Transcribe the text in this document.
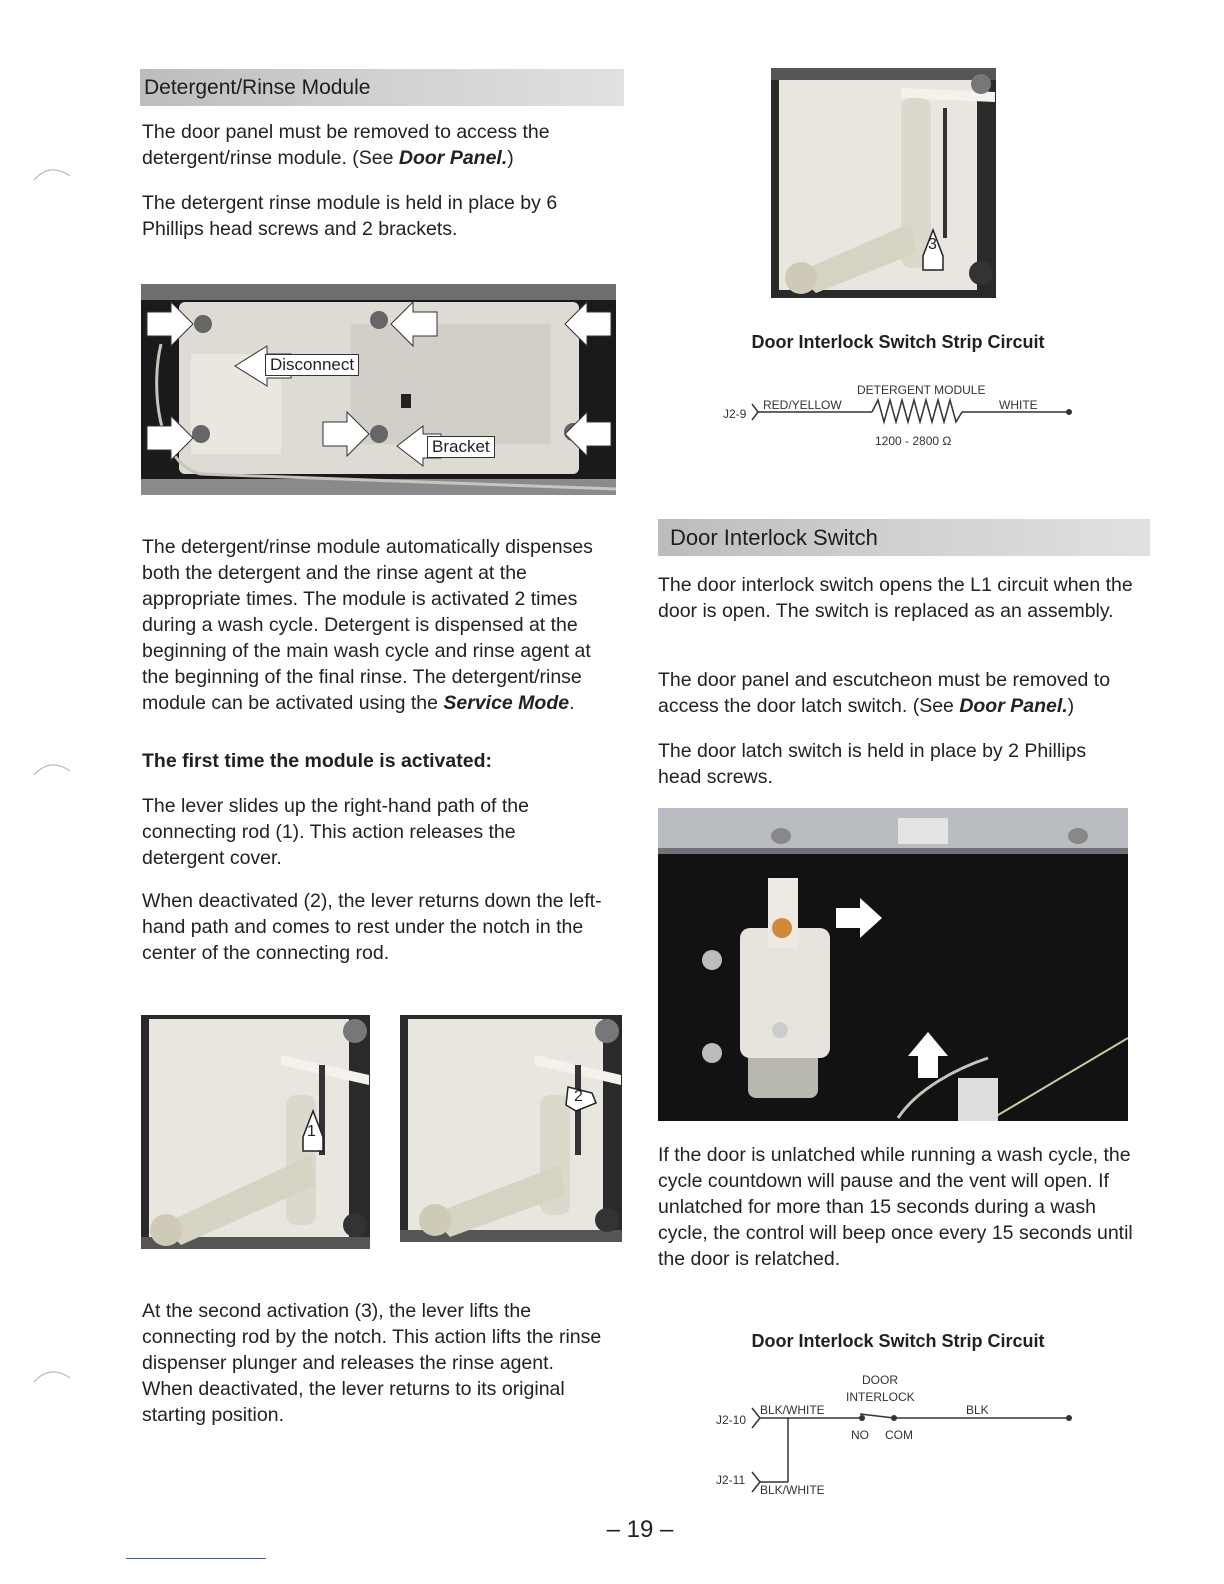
Detergent/Rinse Module
The door panel must be removed to access the detergent/rinse module. (See Door Panel.)
The detergent rinse module is held in place by 6 Phillips head screws and 2 brackets.
Disconnect
Bracket
The detergent/rinse module automatically dispenses both the detergent and the rinse agent at the appropriate times. The module is activated 2 times during a wash cycle. Detergent is dispensed at the beginning of the main wash cycle and rinse agent at the beginning of the final rinse. The detergent/rinse module can be activated using the Service Mode.
The first time the module is activated:
The lever slides up the right-hand path of the connecting rod (1). This action releases the detergent cover.
When deactivated (2), the lever returns down the left-hand path and comes to rest under the notch in the center of the connecting rod.
1
2
At the second activation (3), the lever lifts the connecting rod by the notch. This action lifts the rinse dispenser plunger and releases the rinse agent. When deactivated, the lever returns to its original starting position.
3
Door Interlock Switch Strip Circuit
J2-9
RED/YELLOW
DETERGENT MODULE
WHITE
1200 - 2800 Ω
Door Interlock Switch
The door interlock switch opens the L1 circuit when the door is open. The switch is replaced as an assembly.
The door panel and escutcheon must be removed to access the door latch switch. (See Door Panel.)
The door latch switch is held in place by 2 Phillips head screws.
If the door is unlatched while running a wash cycle, the cycle countdown will pause and the vent will open. If unlatched for more than 15 seconds during a wash cycle, the control will beep once every 15 seconds until the door is relatched.
Door Interlock Switch Strip Circuit
DOOR
INTERLOCK
J2-10
BLK/WHITE	BLK
NO COM
J2-11
BLK/WHITE
– 19 –
